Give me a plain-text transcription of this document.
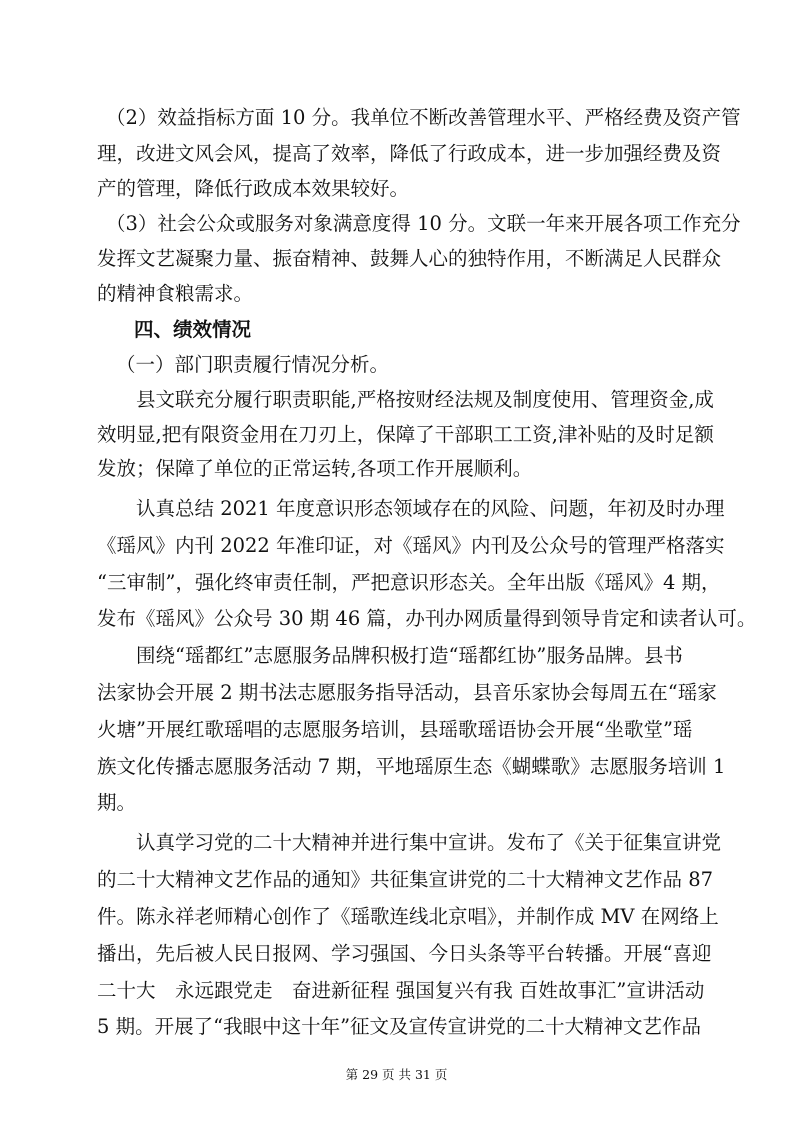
（2）效益指标方面 10 分。我单位不断改善管理水平、严格经费及资产管
理，改进文风会风，提高了效率，降低了行政成本，进一步加强经费及资
产的管理，降低行政成本效果较好。
（3）社会公众或服务对象满意度得 10 分。文联一年来开展各项工作充分
发挥文艺凝聚力量、振奋精神、鼓舞人心的独特作用，不断满足人民群众
的精神食粮需求。
四、绩效情况
（一）部门职责履行情况分析。
县文联充分履行职责职能,严格按财经法规及制度使用、管理资金,成
效明显,把有限资金用在刀刃上，保障了干部职工工资,津补贴的及时足额
发放；保障了单位的正常运转,各项工作开展顺利。
认真总结 2021 年度意识形态领域存在的风险、问题，年初及时办理
《瑶风》内刊 2022 年准印证，对《瑶风》内刊及公众号的管理严格落实
“三审制”，强化终审责任制，严把意识形态关。全年出版《瑶风》4 期，
发布《瑶风》公众号 30 期 46 篇，办刊办网质量得到领导肯定和读者认可。
围绕“瑶都红”志愿服务品牌积极打造“瑶都红协”服务品牌。县书
法家协会开展 2 期书法志愿服务指导活动，县音乐家协会每周五在“瑶家
火塘”开展红歌瑶唱的志愿服务培训，县瑶歌瑶语协会开展“坐歌堂”瑶
族文化传播志愿服务活动 7 期，平地瑶原生态《蝴蝶歌》志愿服务培训 1
期。
认真学习党的二十大精神并进行集中宣讲。发布了《关于征集宣讲党
的二十大精神文艺作品的通知》共征集宣讲党的二十大精神文艺作品 87
件。陈永祥老师精心创作了《瑶歌连线北京唱》，并制作成 MV 在网络上
播出，先后被人民日报网、学习强国、今日头条等平台转播。开展“喜迎
二十大　永远跟党走　奋进新征程 强国复兴有我 百姓故事汇”宣讲活动
5 期。开展了“我眼中这十年”征文及宣传宣讲党的二十大精神文艺作品
第 29 页 共 31 页
